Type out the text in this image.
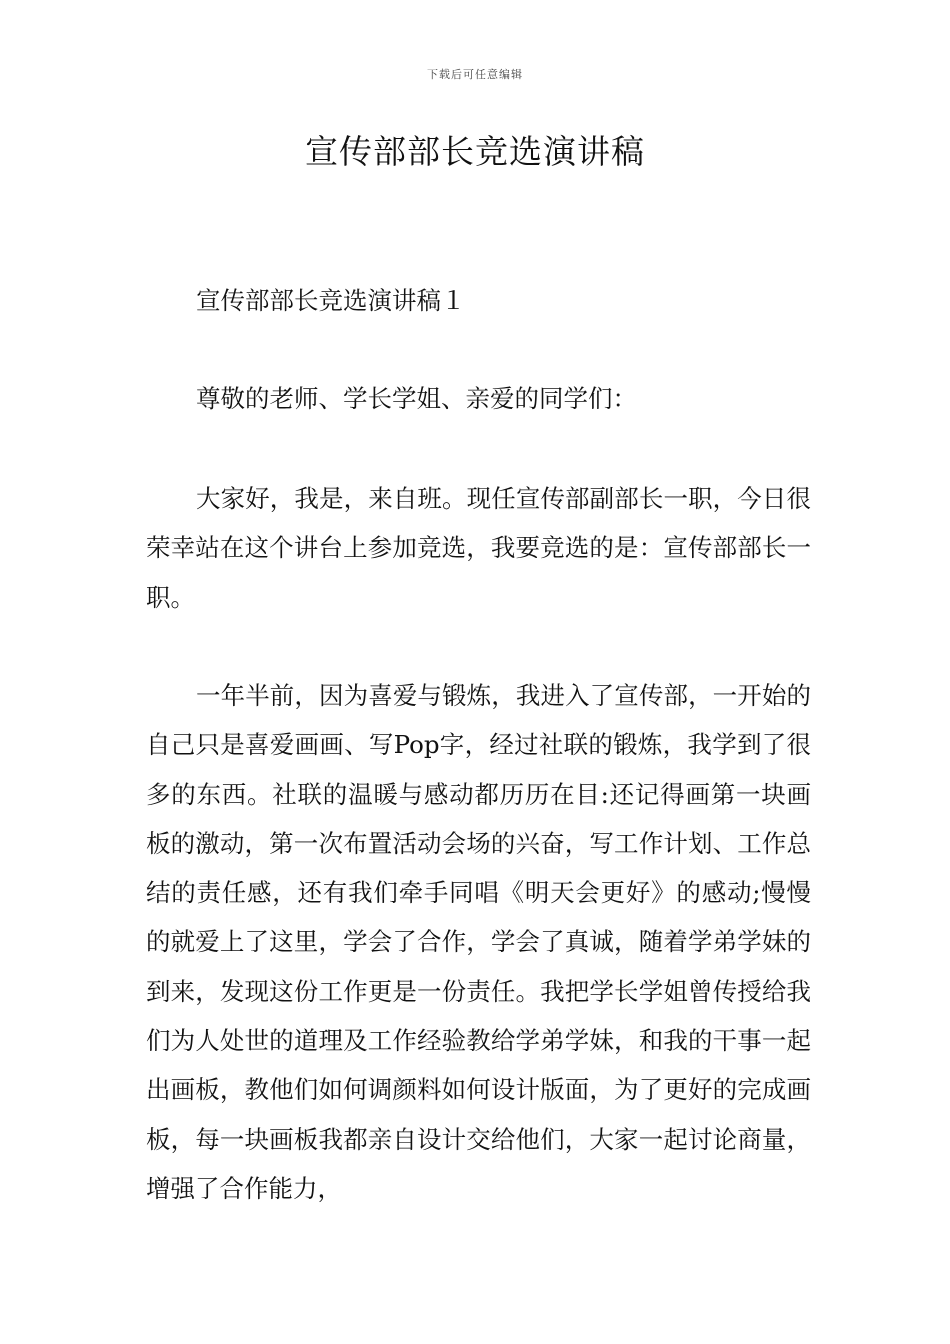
下载后可任意编辑
宣传部部长竞选演讲稿

宣传部部长竞选演讲稿１

尊敬的老师、学长学姐、亲爱的同学们：

大家好，我是，来自班。现任宣传部副部长一职，今日很荣幸站在这个讲台上参加竞选，我要竞选的是：宣传部部长一职。

一年半前，因为喜爱与锻炼，我进入了宣传部，一开始的自己只是喜爱画画、写Pop字，经过社联的锻炼，我学到了很多的东西。社联的温暖与感动都历历在目:还记得画第一块画板的激动，第一次布置活动会场的兴奋，写工作计划、工作总结的责任感，还有我们牵手同唱《明天会更好》的感动;慢慢的就爱上了这里，学会了合作，学会了真诚，随着学弟学妹的到来，发现这份工作更是一份责任。我把学长学姐曾传授给我们为人处世的道理及工作经验教给学弟学妹，和我的干事一起出画板，教他们如何调颜料如何设计版面，为了更好的完成画板，每一块画板我都亲自设计交给他们，大家一起讨论商量，增强了合作能力，
